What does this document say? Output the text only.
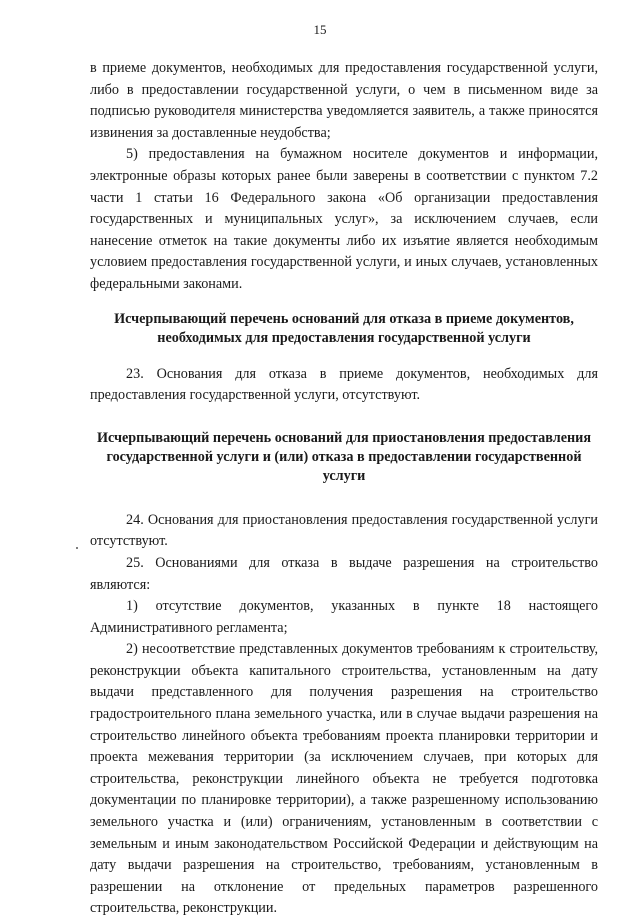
15

в приеме документов, необходимых для предоставления государственной услуги, либо в предоставлении государственной услуги, о чем в письменном виде за подписью руководителя министерства уведомляется заявитель, а также приносятся извинения за доставленные неудобства;

5) предоставления на бумажном носителе документов и информации, электронные образы которых ранее были заверены в соответствии с пунктом 7.2 части 1 статьи 16 Федерального закона «Об организации предоставления государственных и муниципальных услуг», за исключением случаев, если нанесение отметок на такие документы либо их изъятие является необходимым условием предоставления государственной услуги, и иных случаев, установленных федеральными законами.

Исчерпывающий перечень оснований для отказа в приеме документов, необходимых для предоставления государственной услуги

23. Основания для отказа в приеме документов, необходимых для предоставления государственной услуги, отсутствуют.

Исчерпывающий перечень оснований для приостановления предоставления государственной услуги и (или) отказа в предоставлении государственной услуги

24. Основания для приостановления предоставления государственной услуги отсутствуют.

25. Основаниями для отказа в выдаче разрешения на строительство являются:

1) отсутствие документов, указанных в пункте 18 настоящего Административного регламента;

2) несоответствие представленных документов требованиям к строительству, реконструкции объекта капитального строительства, установленным на дату выдачи представленного для получения разрешения на строительство градостроительного плана земельного участка, или в случае выдачи разрешения на строительство линейного объекта требованиям проекта планировки территории и проекта межевания территории (за исключением случаев, при которых для строительства, реконструкции линейного объекта не требуется подготовка документации по планировке территории), а также разрешенному использованию земельного участка и (или) ограничениям, установленным в соответствии с земельным и иным законодательством Российской Федерации и действующим на дату выдачи разрешения на строительство, требованиям, установленным в разрешении на отклонение от предельных параметров разрешенного строительства, реконструкции.
